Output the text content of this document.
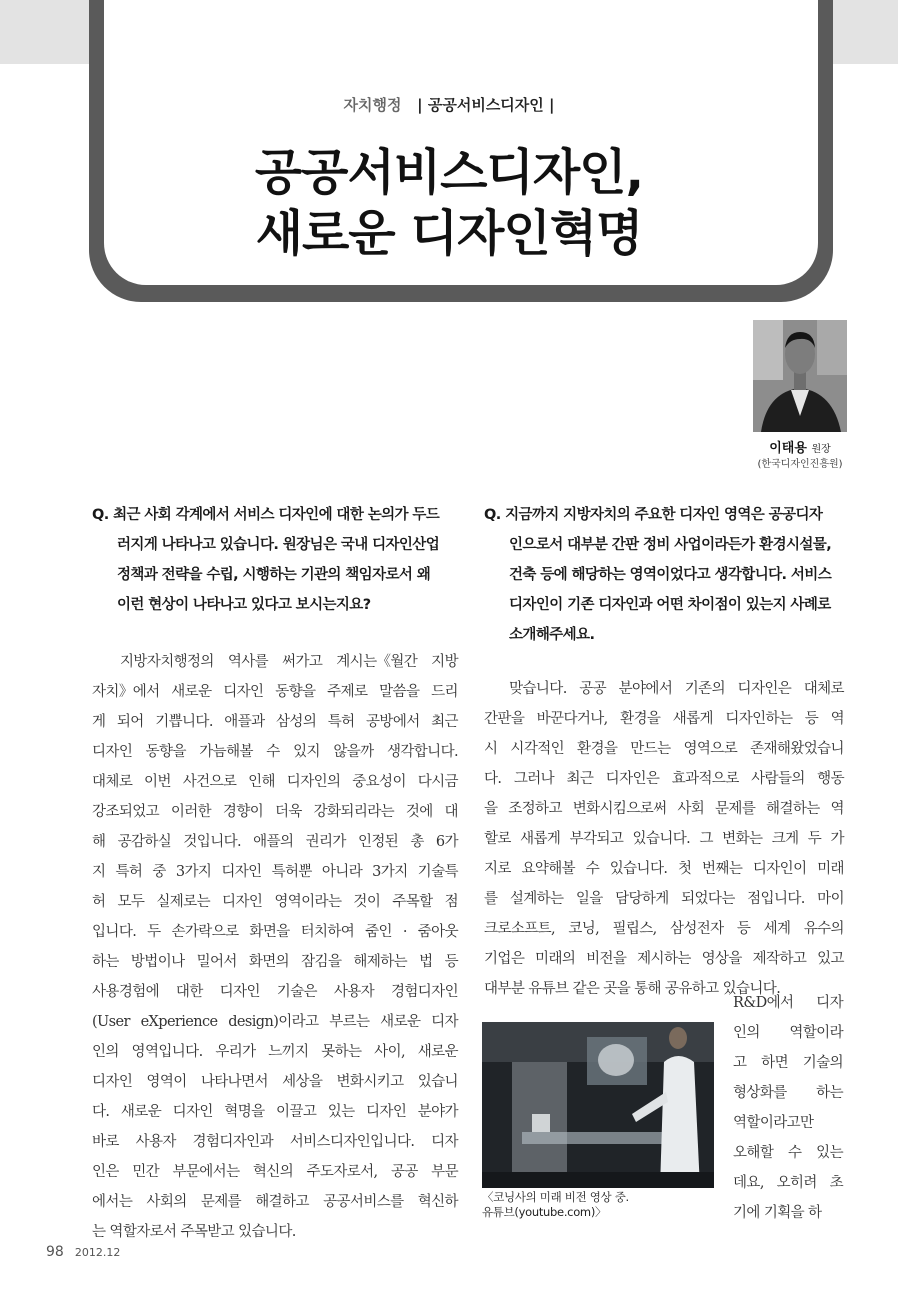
자치행정 | 공공서비스디자인 |
공공서비스디자인,
새로운 디자인혁명
이태용 원장
(한국디자인진흥원)
Q. 최근 사회 각계에서 서비스 디자인에 대한 논의가 두드
러지게 나타나고 있습니다. 원장님은 국내 디자인산업
정책과 전략을 수립, 시행하는 기관의 책임자로서 왜
이런 현상이 나타나고 있다고 보시는지요?
지방자치행정의 역사를 써가고 계시는《월간 지방
자치》에서 새로운 디자인 동향을 주제로 말씀을 드리
게 되어 기쁩니다. 애플과 삼성의 특허 공방에서 최근
디자인 동향을 가늠해볼 수 있지 않을까 생각합니다.
대체로 이번 사건으로 인해 디자인의 중요성이 다시금
강조되었고 이러한 경향이 더욱 강화되리라는 것에 대
해 공감하실 것입니다. 애플의 권리가 인정된 총 6가
지 특허 중 3가지 디자인 특허뿐 아니라 3가지 기술특
허 모두 실제로는 디자인 영역이라는 것이 주목할 점
입니다. 두 손가락으로 화면을 터치하여 줌인 · 줌아웃
하는 방법이나 밀어서 화면의 잠김을 해제하는 법 등
사용경험에 대한 디자인 기술은 사용자 경험디자인
(User eXperience design)이라고 부르는 새로운 디자
인의 영역입니다. 우리가 느끼지 못하는 사이, 새로운
디자인 영역이 나타나면서 세상을 변화시키고 있습니
다. 새로운 디자인 혁명을 이끌고 있는 디자인 분야가
바로 사용자 경험디자인과 서비스디자인입니다. 디자
인은 민간 부문에서는 혁신의 주도자로서, 공공 부문
에서는 사회의 문제를 해결하고 공공서비스를 혁신하
는 역할자로서 주목받고 있습니다.
Q. 지금까지 지방자치의 주요한 디자인 영역은 공공디자
인으로서 대부분 간판 정비 사업이라든가 환경시설물,
건축 등에 해당하는 영역이었다고 생각합니다. 서비스
디자인이 기존 디자인과 어떤 차이점이 있는지 사례로
소개해주세요.
맞습니다. 공공 분야에서 기존의 디자인은 대체로
간판을 바꾼다거나, 환경을 새롭게 디자인하는 등 역
시 시각적인 환경을 만드는 영역으로 존재해왔었습니
다. 그러나 최근 디자인은 효과적으로 사람들의 행동
을 조정하고 변화시킴으로써 사회 문제를 해결하는 역
할로 새롭게 부각되고 있습니다. 그 변화는 크게 두 가
지로 요약해볼 수 있습니다. 첫 번째는 디자인이 미래
를 설계하는 일을 담당하게 되었다는 점입니다. 마이
크로소프트, 코닝, 필립스, 삼성전자 등 세계 유수의
기업은 미래의 비전을 제시하는 영상을 제작하고 있고
대부분 유튜브 같은 곳을 통해 공유하고 있습니다.
R&D에서 디자
인의 역할이라
고 하면 기술의
형상화를 하는
역할이라고만
오해할 수 있는
데요, 오히려 초
기에 기획을 하
〈코닝사의 미래 비전 영상 중.
유튜브(youtube.com)〉
98 2012.12
